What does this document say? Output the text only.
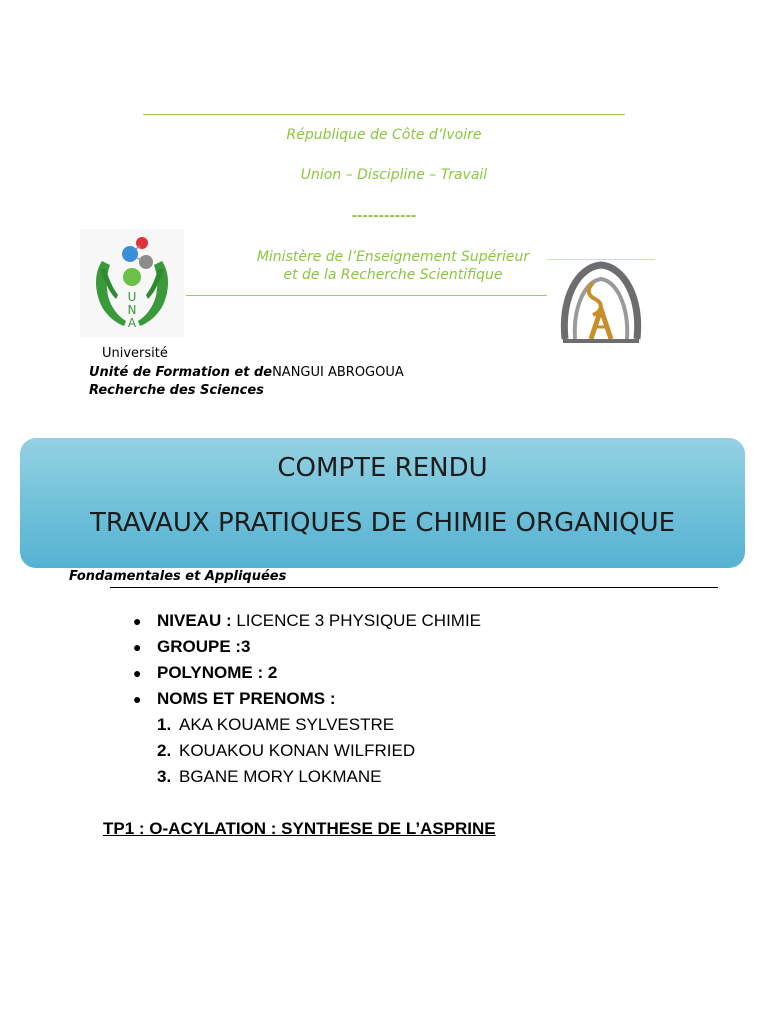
République de Côte d’Ivoire
Union – Discipline – Travail
------------
Ministère de l’Enseignement Supérieur
et de la Recherche Scientifique
U
N
A
Université
Unité de Formation et deNANGUI ABROGOUA
Recherche des Sciences
COMPTE RENDU
TRAVAUX PRATIQUES DE CHIMIE ORGANIQUE
Fondamentales et Appliquées
● NIVEAU : LICENCE 3 PHYSIQUE CHIMIE
● GROUPE :3
● POLYNOME : 2
● NOMS ET PRENOMS :
1. AKA KOUAME SYLVESTRE
2. KOUAKOU KONAN WILFRIED
3. BGANE MORY LOKMANE
TP1 : O-ACYLATION : SYNTHESE DE L’ASPRINE
